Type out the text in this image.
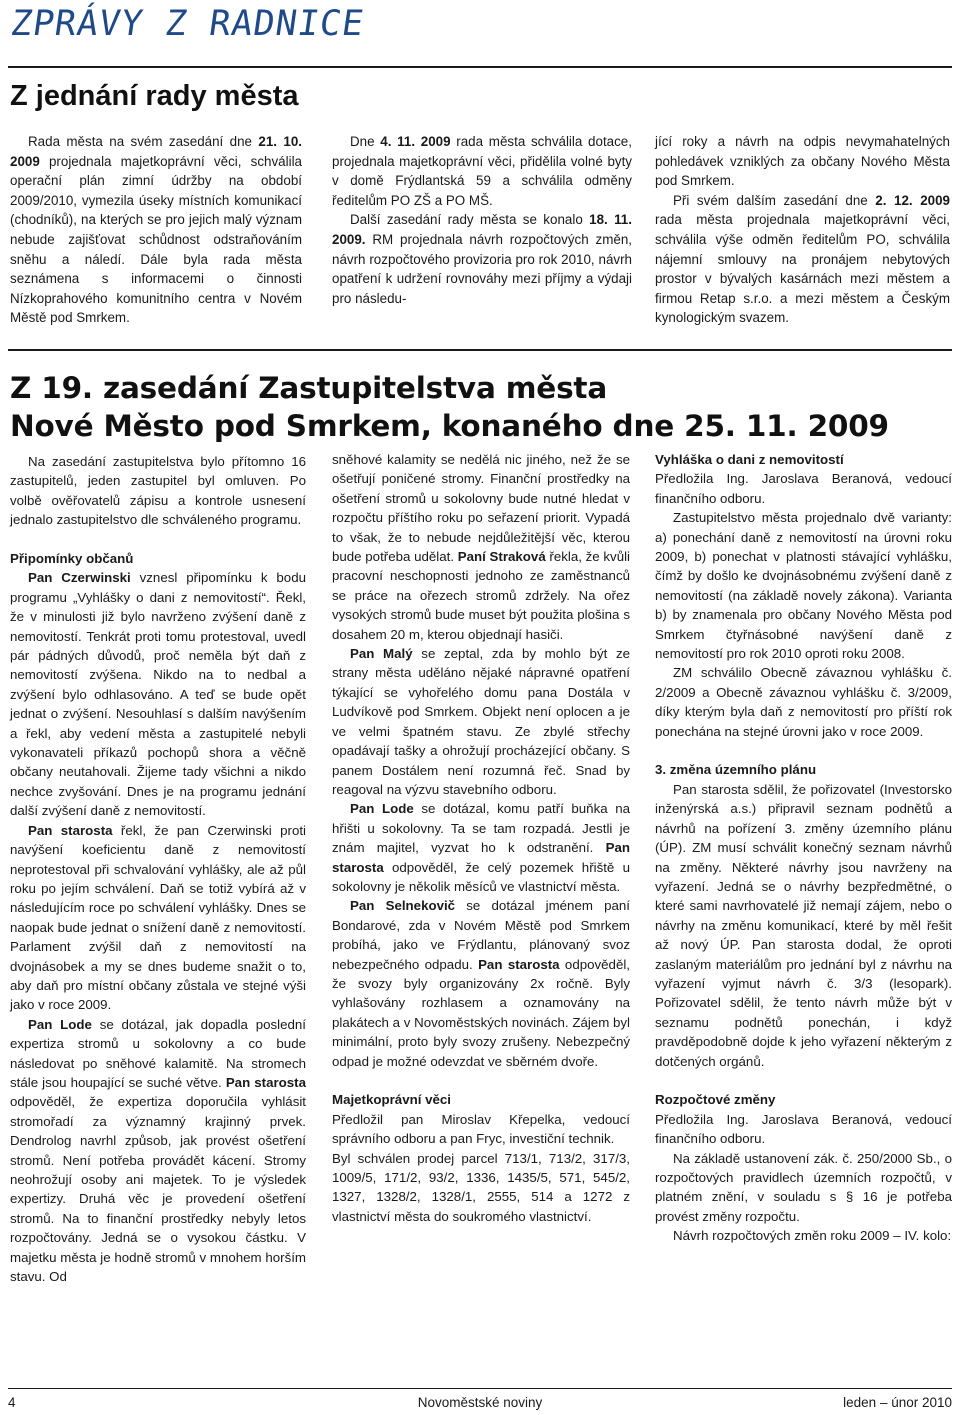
ZPRÁVY Z RADNICE
Z jednání rady města

Rada města na svém zasedání dne 21. 10. 2009 projednala majetkoprávní věci, schválila operační plán zimní údržby na období 2009/2010, vymezila úseky místních komunikací (chodníků), na kterých se pro jejich malý význam nebude zajišťovat schůdnost odstraňováním sněhu a náledí. Dále byla rada města seznámena s informacemi o činnosti Nízkoprahového komunitního centra v Novém Městě pod Smrkem.

Dne 4. 11. 2009 rada města schválila dotace, projednala majetkoprávní věci, přidělila volné byty v domě Frýdlantská 59 a schválila odměny ředitelům PO ZŠ a PO MŠ.

Další zasedání rady města se konalo 18. 11. 2009. RM projednala návrh rozpočtových změn, návrh rozpočtového provizoria pro rok 2010, návrh opatření k udržení rovnováhy mezi příjmy a výdaji pro následu-

jící roky a návrh na odpis nevymahatelných pohledávek vzniklých za občany Nového Města pod Smrkem.

Při svém dalším zasedání dne 2. 12. 2009 rada města projednala majetkoprávní věci, schválila výše odměn ředitelům PO, schválila nájemní smlouvy na pronájem nebytových prostor v bývalých kasárnách mezi městem a firmou Retap s.r.o. a mezi městem a Českým kynologickým svazem.

Z 19. zasedání Zastupitelstva města
Nové Město pod Smrkem, konaného dne 25. 11. 2009

Na zasedání zastupitelstva bylo přítomno 16 zastupitelů, jeden zastupitel byl omluven. Po volbě ověřovatelů zápisu a kontrole usnesení jednalo zastupitelstvo dle schváleného programu.

Připomínky občanů

Pan Czerwinski vznesl připomínku k bodu programu „Vyhlášky o dani z nemovitostí“. Řekl, že v minulosti již bylo navrženo zvýšení daně z nemovitostí. Tenkrát proti tomu protestoval, uvedl pár pádných důvodů, proč neměla být daň z nemovitostí zvýšena. Nikdo na to nedbal a zvýšení bylo odhlasováno. A teď se bude opět jednat o zvýšení. Nesouhlasí s dalším navýšením a řekl, aby vedení města a zastupitelé nebyli vykonavateli příkazů pochopů shora a věčně občany neutahovali. Žijeme tady všichni a nikdo nechce zvyšování. Dnes je na programu jednání další zvýšení daně z nemovitostí.

Pan starosta řekl, že pan Czerwinski proti navýšení koeficientu daně z nemovitostí neprotestoval při schvalování vyhlášky, ale až půl roku po jejím schválení. Daň se totiž vybírá až v následujícím roce po schválení vyhlášky. Dnes se naopak bude jednat o snížení daně z nemovitostí. Parlament zvýšil daň z nemovitostí na dvojnásobek a my se dnes budeme snažit o to, aby daň pro místní občany zůstala ve stejné výši jako v roce 2009.

Pan Lode se dotázal, jak dopadla poslední expertiza stromů u sokolovny a co bude následovat po sněhové kalamitě. Na stromech stále jsou houpající se suché větve. Pan starosta odpověděl, že expertiza doporučila vyhlásit stromořadí za významný krajinný prvek. Dendrolog navrhl způsob, jak provést ošetření stromů. Není potřeba provádět kácení. Stromy neohrožují osoby ani majetek. To je výsledek expertizy. Druhá věc je provedení ošetření stromů. Na to finanční prostředky nebyly letos rozpočtovány. Jedná se o vysokou částku. V majetku města je hodně stromů v mnohem horším stavu. Od

sněhové kalamity se nedělá nic jiného, než že se ošetřují poničené stromy. Finanční prostředky na ošetření stromů u sokolovny bude nutné hledat v rozpočtu příštího roku po seřazení priorit. Vypadá to však, že to nebude nejdůležitější věc, kterou bude potřeba udělat. Paní Straková řekla, že kvůli pracovní neschopnosti jednoho ze zaměstnanců se práce na ořezech stromů zdržely. Na ořez vysokých stromů bude muset být použita plošina s dosahem 20 m, kterou objednají hasiči.

Pan Malý se zeptal, zda by mohlo být ze strany města uděláno nějaké nápravné opatření týkající se vyhořelého domu pana Dostála v Ludvíkově pod Smrkem. Objekt není oplocen a je ve velmi špatném stavu. Ze zbylé střechy opadávají tašky a ohrožují procházející občany. S panem Dostálem není rozumná řeč. Snad by reagoval na výzvu stavebního odboru.

Pan Lode se dotázal, komu patří buňka na hřišti u sokolovny. Ta se tam rozpadá. Jestli je znám majitel, vyzvat ho k odstranění. Pan starosta odpověděl, že celý pozemek hřiště u sokolovny je několik měsíců ve vlastnictví města.

Pan Selnekovič se dotázal jménem paní Bondarové, zda v Novém Městě pod Smrkem probíhá, jako ve Frýdlantu, plánovaný svoz nebezpečného odpadu. Pan starosta odpověděl, že svozy byly organizovány 2x ročně. Byly vyhlašovány rozhlasem a oznamovány na plakátech a v Novoměstských novinách. Zájem byl minimální, proto byly svozy zrušeny. Nebezpečný odpad je možné odevzdat ve sběrném dvoře.

Majetkoprávní věci

Předložil pan Miroslav Křepelka, vedoucí správního odboru a pan Fryc, investiční technik.

Byl schválen prodej parcel 713/1, 713/2, 317/3, 1009/5, 171/2, 93/2, 1336, 1435/5, 571, 545/2, 1327, 1328/2, 1328/1, 2555, 514 a 1272 z vlastnictví města do soukromého vlastnictví.

Vyhláška o dani z nemovitostí

Předložila Ing. Jaroslava Beranová, vedoucí finančního odboru.

Zastupitelstvo města projednalo dvě varianty: a) ponechání daně z nemovitostí na úrovni roku 2009, b) ponechat v platnosti stávající vyhlášku, čímž by došlo ke dvojnásobnému zvýšení daně z nemovitostí (na základě novely zákona). Varianta b) by znamenala pro občany Nového Města pod Smrkem čtyřnásobné navýšení daně z nemovitostí pro rok 2010 oproti roku 2008.

ZM schválilo Obecně závaznou vyhlášku č. 2/2009 a Obecně závaznou vyhlášku č. 3/2009, díky kterým byla daň z nemovitostí pro příští rok ponechána na stejné úrovni jako v roce 2009.

3. změna územního plánu

Pan starosta sdělil, že pořizovatel (Investorsko inženýrská a.s.) připravil seznam podnětů a návrhů na pořízení 3. změny územního plánu (ÚP). ZM musí schválit konečný seznam návrhů na změny. Některé návrhy jsou navrženy na vyřazení. Jedná se o návrhy bezpředmětné, o které sami navrhovatelé již nemají zájem, nebo o návrhy na změnu komunikací, které by měl řešit až nový ÚP. Pan starosta dodal, že oproti zaslaným materiálům pro jednání byl z návrhu na vyřazení vyjmut návrh č. 3/3 (lesopark). Pořizovatel sdělil, že tento návrh může být v seznamu podnětů ponechán, i když pravděpodobně dojde k jeho vyřazení některým z dotčených orgánů.

Rozpočtové změny

Předložila Ing. Jaroslava Beranová, vedoucí finančního odboru.

Na základě ustanovení zák. č. 250/2000 Sb., o rozpočtových pravidlech územních rozpočtů, v platném znění, v souladu s § 16 je potřeba provést změny rozpočtu.

Návrh rozpočtových změn roku 2009 – IV. kolo:

4	Novoměstské noviny	leden – únor 2010
